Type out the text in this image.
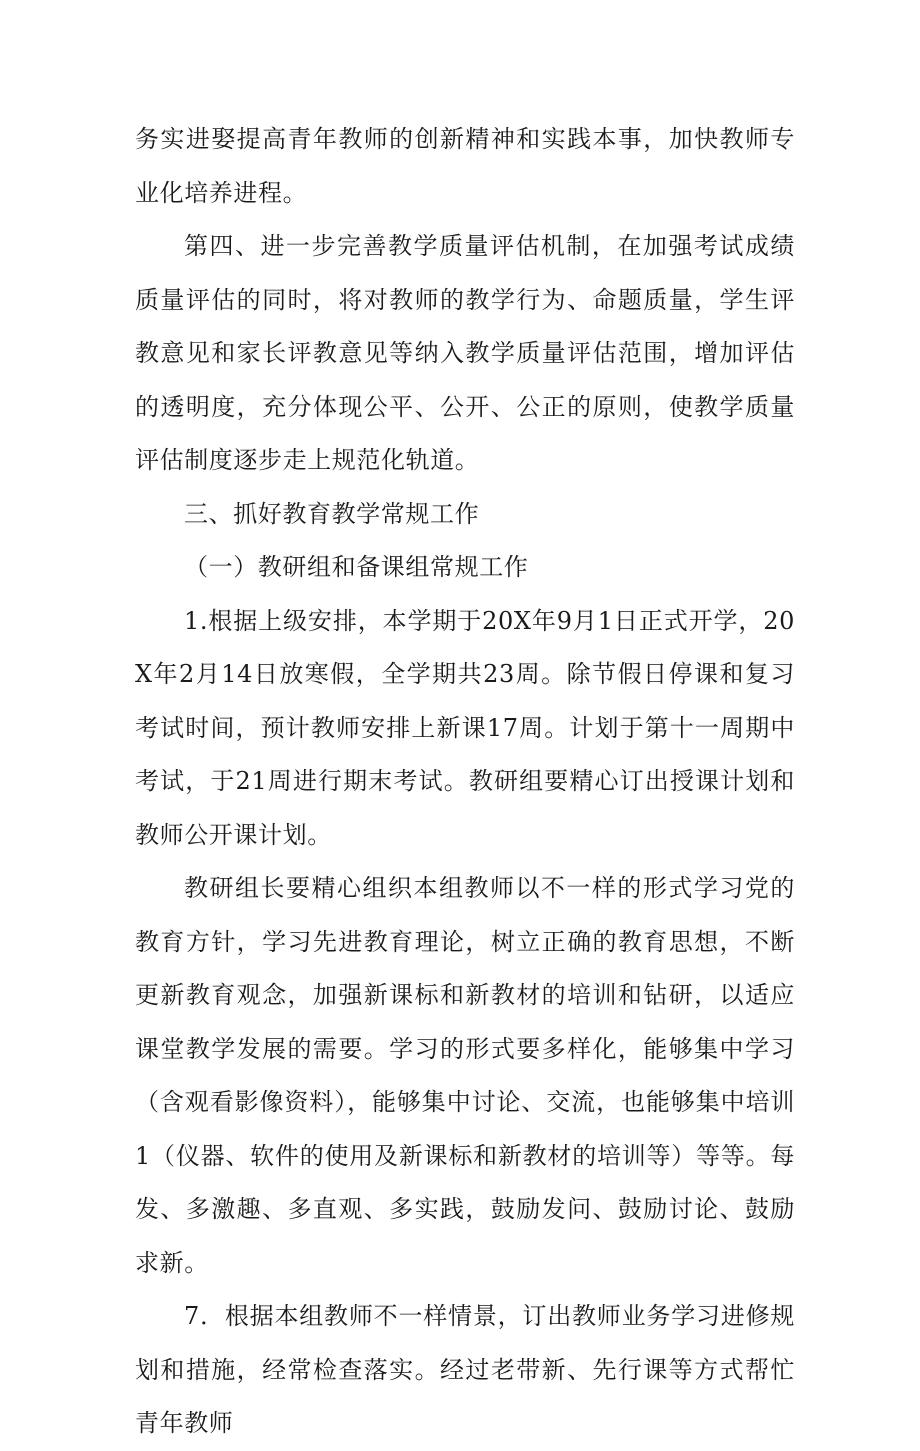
务实进娶提高青年教师的创新精神和实践本事，加快教师专业化培养进程。

第四、进一步完善教学质量评估机制，在加强考试成绩质量评估的同时，将对教师的教学行为、命题质量，学生评教意见和家长评教意见等纳入教学质量评估范围，增加评估的透明度，充分体现公平、公开、公正的原则，使教学质量评估制度逐步走上规范化轨道。

三、抓好教育教学常规工作

（一）教研组和备课组常规工作

1.根据上级安排，本学期于20X年9月1日正式开学，20X年2月14日放寒假，全学期共23周。除节假日停课和复习考试时间，预计教师安排上新课17周。计划于第十一周期中考试，于21周进行期末考试。教研组要精心订出授课计划和教师公开课计划。

教研组长要精心组织本组教师以不一样的形式学习党的教育方针，学习先进教育理论，树立正确的教育思想，不断更新教育观念，加强新课标和新教材的培训和钻研，以适应课堂教学发展的需要。学习的形式要多样化，能够集中学习（含观看影像资料），能够集中讨论、交流，也能够集中培训1（仪器、软件的使用及新课标和新教材的培训等）等等。每发、多激趣、多直观、多实践，鼓励发问、鼓励讨论、鼓励求新。

7．根据本组教师不一样情景，订出教师业务学习进修规划和措施，经常检查落实。经过老带新、先行课等方式帮忙青年教师
